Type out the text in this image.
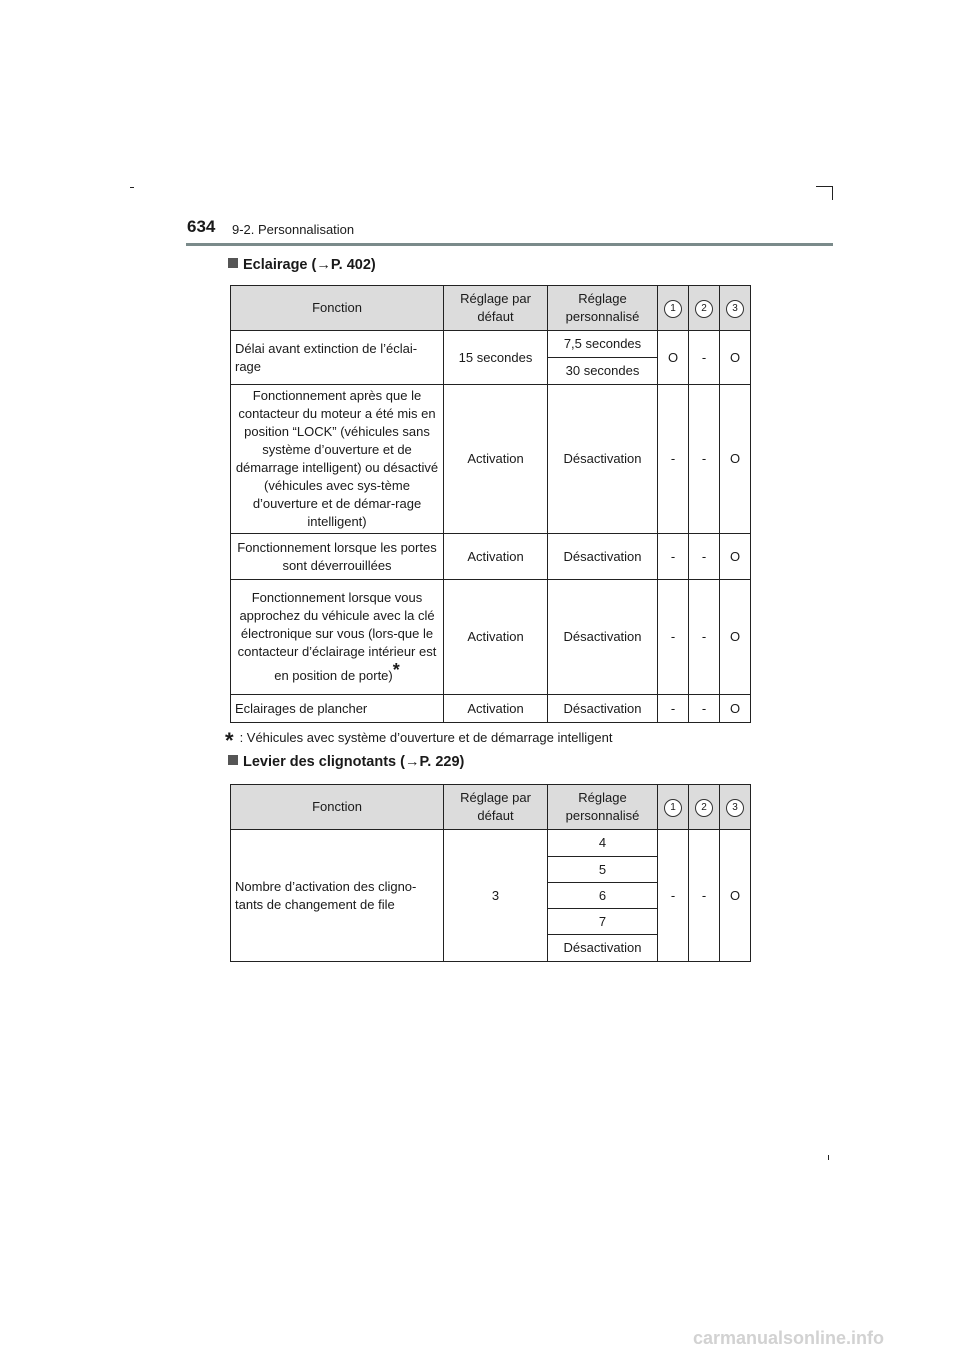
634 9-2. Personnalisation
Eclairage (→P. 402)
Fonction	Réglage par défaut	Réglage personnalisé	1	2	3
Délai avant extinction de l’éclai-rage	15 secondes	7,5 secondes	O	-	O
		30 secondes			
Fonctionnement après que le contacteur du moteur a été mis en position “LOCK” (véhicules sans système d’ouverture et de démarrage intelligent) ou désactivé (véhicules avec sys-tème d’ouverture et de démar-rage intelligent)	Activation	Désactivation	-	-	O
Fonctionnement lorsque les portes sont déverrouillées	Activation	Désactivation	-	-	O
Fonctionnement lorsque vous approchez du véhicule avec la clé électronique sur vous (lors-que le contacteur d’éclairage intérieur est en position de porte)*	Activation	Désactivation	-	-	O
Eclairages de plancher	Activation	Désactivation	-	-	O
* : Véhicules avec système d’ouverture et de démarrage intelligent
Levier des clignotants (→P. 229)
Fonction	Réglage par défaut	Réglage personnalisé	1	2	3
Nombre d’activation des cligno-tants de changement de file	3	4	-	-	O
		5			
		6			
		7			
		Désactivation			
carmanualsonline.info
